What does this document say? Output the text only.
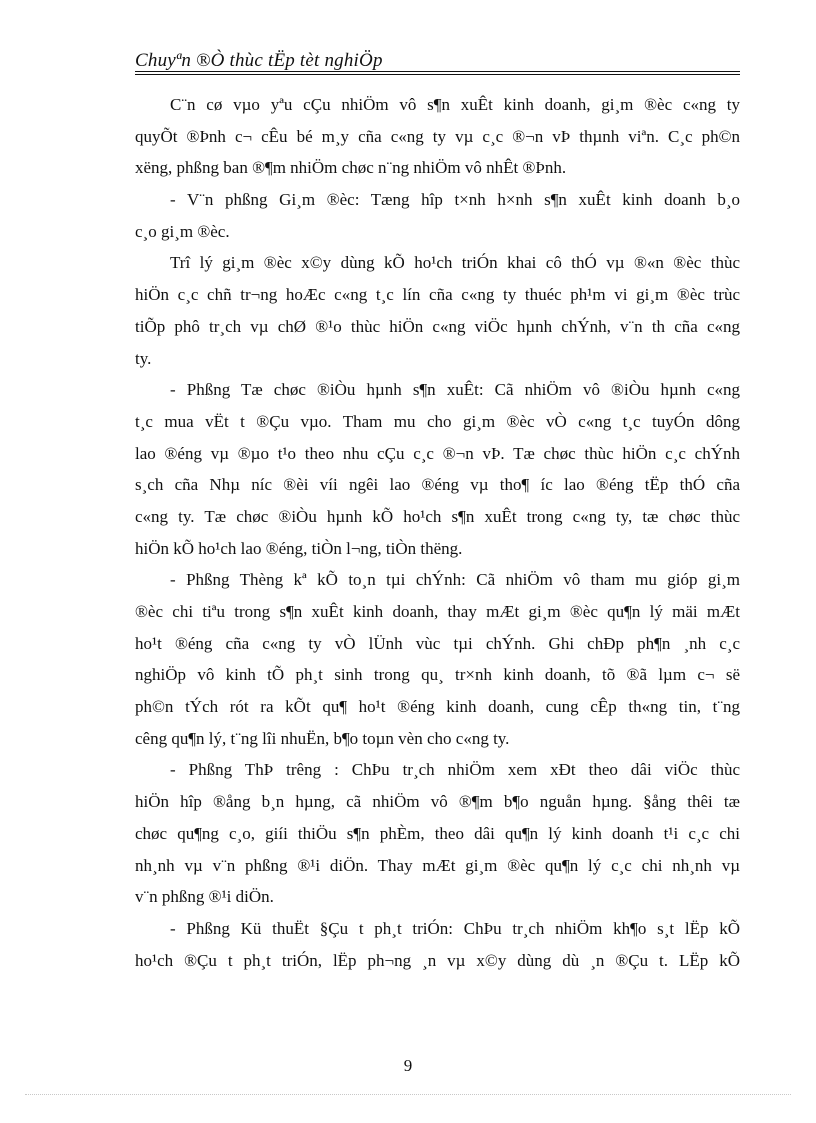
Chuyªn ®Ò thùc tËp tèt nghiÖp
C¨n cø vµo yªu cÇu nhiÖm vô s¶n xuÊt kinh doanh, gi¸m ®èc c«ng ty
quyÕt ®Þnh c¬ cÊu bé m¸y cña c«ng ty vµ c¸c ®¬n vÞ thµnh viªn. C¸c ph©n
xëng, phßng ban ®¶m nhiÖm chøc n¨ng nhiÖm vô nhÊt ®Þnh.
- V¨n phßng Gi¸m ®èc: Tæng hîp t×nh h×nh s¶n xuÊt kinh doanh b¸o
c¸o gi¸m ®èc.
Trî lý gi¸m ®èc x©y dùng kÕ ho¹ch triÓn khai cô thÓ vµ ®«n ®èc thùc
hiÖn c¸c chñ tr¬ng hoÆc c«ng t¸c lín cña c«ng ty thuéc ph¹m vi gi¸m ®èc trùc
tiÕp phô tr¸ch vµ chØ ®¹o thùc hiÖn c«ng viÖc hµnh chÝnh, v¨n th cña c«ng
ty.
- Phßng Tæ chøc ®iÒu hµnh s¶n xuÊt: Cã nhiÖm vô ®iÒu hµnh c«ng
t¸c mua vËt t ®Çu vµo. Tham mu cho gi¸m ®èc vÒ c«ng t¸c tuyÓn dông
lao ®éng vµ ®µo t¹o theo nhu cÇu c¸c ®¬n vÞ. Tæ chøc thùc hiÖn c¸c chÝnh
s¸ch cña Nhµ níc ®èi víi ngêi lao ®éng vµ tho¶ íc lao ®éng tËp thÓ cña
c«ng ty. Tæ chøc ®iÒu hµnh kÕ ho¹ch s¶n xuÊt trong c«ng ty, tæ chøc thùc
hiÖn kÕ ho¹ch lao ®éng, tiÒn l¬ng, tiÒn thëng.
- Phßng Thèng kª kÕ to¸n tµi chÝnh: Cã nhiÖm vô tham mu gióp gi¸m
®èc chi tiªu trong s¶n xuÊt kinh doanh, thay mÆt gi¸m ®èc qu¶n lý mäi mÆt
ho¹t ®éng cña c«ng ty vÒ lÜnh vùc tµi chÝnh. Ghi chÐp ph¶n ¸nh c¸c
nghiÖp vô kinh tÕ ph¸t sinh trong qu¸ tr×nh kinh doanh, tõ ®ã lµm c¬ së
ph©n tÝch rót ra kÕt qu¶ ho¹t ®éng kinh doanh, cung cÊp th«ng tin, t¨ng
cêng qu¶n lý, t¨ng lîi nhuËn, b¶o toµn vèn cho c«ng ty.
- Phßng ThÞ trêng : ChÞu tr¸ch nhiÖm xem xÐt theo dâi viÖc thùc
hiÖn hîp ®ång b¸n hµng, cã nhiÖm vô ®¶m b¶o nguån hµng. §ång thêi tæ
chøc qu¶ng c¸o, giíi thiÖu s¶n phÈm, theo dâi qu¶n lý kinh doanh t¹i c¸c chi
nh¸nh vµ v¨n phßng ®¹i diÖn. Thay mÆt gi¸m ®èc qu¶n lý c¸c chi nh¸nh vµ
v¨n phßng ®¹i diÖn.
- Phßng Kü thuËt §Çu t ph¸t triÓn: ChÞu tr¸ch nhiÖm kh¶o s¸t lËp kÕ
ho¹ch ®Çu t ph¸t triÓn, lËp ph¬ng ¸n vµ x©y dùng dù ¸n ®Çu t. LËp kÕ
9
